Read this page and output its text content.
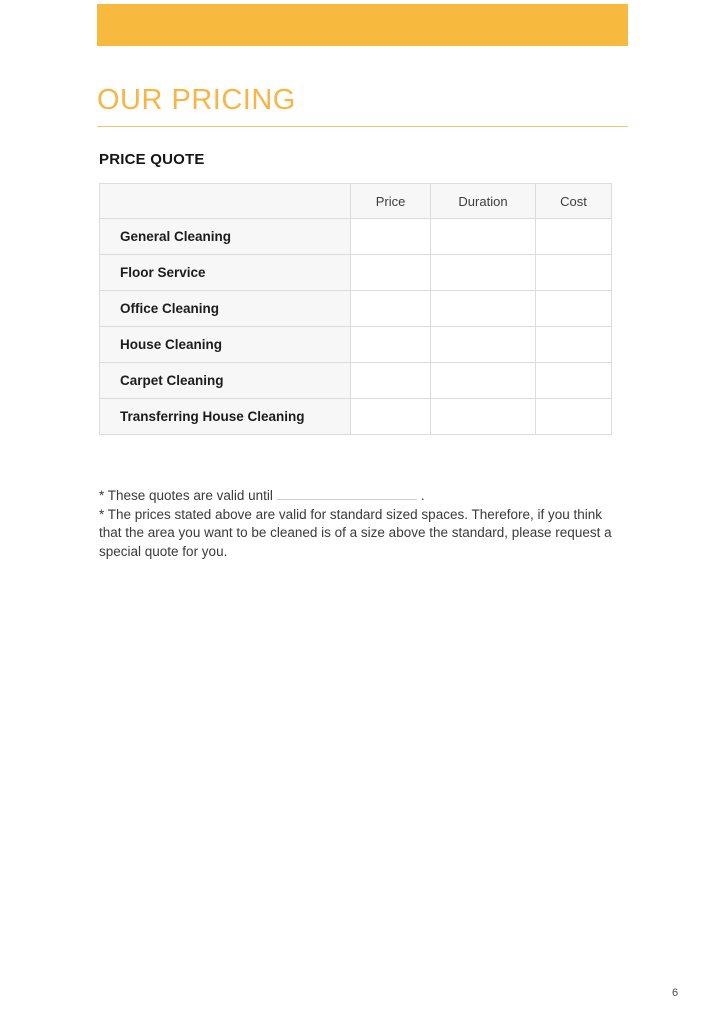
OUR PRICING
PRICE QUOTE
	Price	Duration	Cost
General Cleaning			
Floor Service			
Office Cleaning			
House Cleaning			
Carpet Cleaning			
Transferring House Cleaning			

* These quotes are valid until	.

* The prices stated above are valid for standard sized spaces. Therefore, if you think that the area you want to be cleaned is of a size above the standard, please request a special quote for you.

6
